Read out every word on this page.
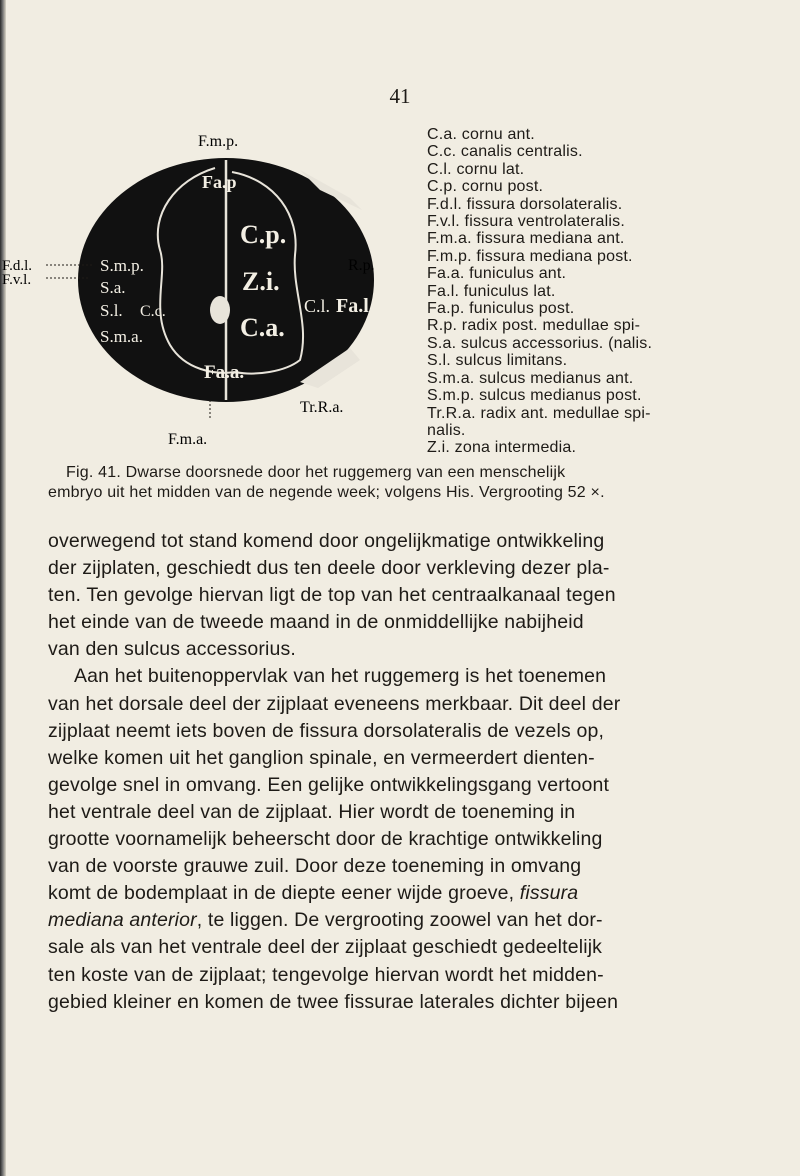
41
F.m.p.
Fa.p
C.p.
R.p.
F.d.l.
F.v.l.
S.m.p.
S.a.
S.l. C.c.
Z.i.
C.l. Fa.l
C.a.
S.m.a.
Fa.a.
Tr.R.a.
F.m.a.
C.a. cornu ant.
C.c. canalis centralis.
C.l. cornu lat.
C.p. cornu post.
F.d.l. fissura dorsolateralis.
F.v.l. fissura ventrolateralis.
F.m.a. fissura mediana ant.
F.m.p. fissura mediana post.
Fa.a. funiculus ant.
Fa.l. funiculus lat.
Fa.p. funiculus post.
R.p. radix post. medullae spi-
S.a. sulcus accessorius. (nalis.
S.l. sulcus limitans.
S.m.a. sulcus medianus ant.
S.m.p. sulcus medianus post.
Tr.R.a. radix ant. medullae spi-
nalis.
Z.i. zona intermedia.
Fig. 41. Dwarse doorsnede door het ruggemerg van een menschelijk
embryo uit het midden van de negende week; volgens His. Vergrooting 52 ×.
overwegend tot stand komend door ongelijkmatige ontwikkeling
der zijplaten, geschiedt dus ten deele door verkleving dezer pla-
ten. Ten gevolge hiervan ligt de top van het centraalkanaal tegen
het einde van de tweede maand in de onmiddellijke nabijheid
van den sulcus accessorius.
Aan het buitenoppervlak van het ruggemerg is het toenemen
van het dorsale deel der zijplaat eveneens merkbaar. Dit deel der
zijplaat neemt iets boven de fissura dorsolateralis de vezels op,
welke komen uit het ganglion spinale, en vermeerdert dienten-
gevolge snel in omvang. Een gelijke ontwikkelingsgang vertoont
het ventrale deel van de zijplaat. Hier wordt de toeneming in
grootte voornamelijk beheerscht door de krachtige ontwikkeling
van de voorste grauwe zuil. Door deze toeneming in omvang
komt de bodemplaat in de diepte eener wijde groeve, fissura
mediana anterior, te liggen. De vergrooting zoowel van het dor-
sale als van het ventrale deel der zijplaat geschiedt gedeeltelijk
ten koste van de zijplaat; tengevolge hiervan wordt het midden-
gebied kleiner en komen de twee fissurae laterales dichter bijeen
